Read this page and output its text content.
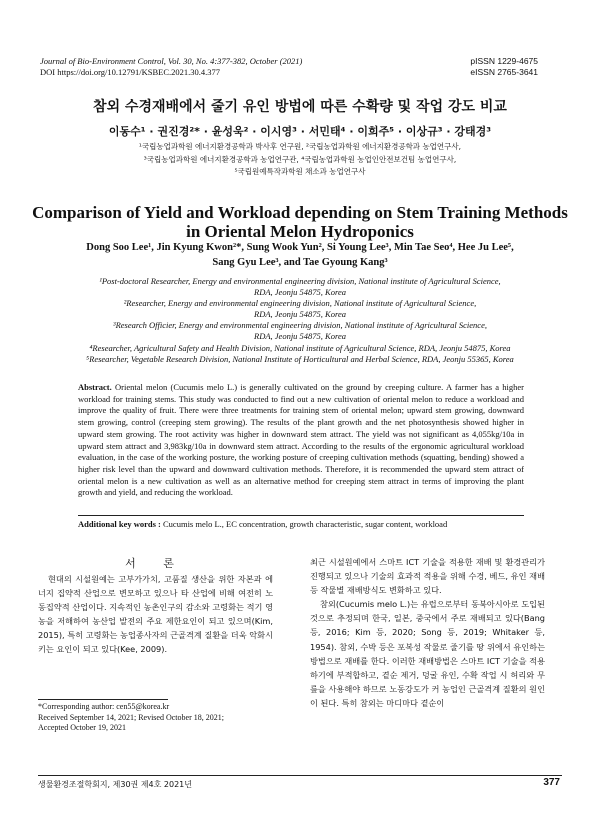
Journal of Bio-Environment Control, Vol. 30, No. 4:377-382, October (2021)
DOI https://doi.org/10.12791/KSBEC.2021.30.4.377
pISSN 1229-4675
eISSN 2765-3641
참외 수경재배에서 줄기 유인 방법에 따른 수확량 및 작업 강도 비교
이동수¹ · 권진경²* · 윤성욱² · 이시영³ · 서민태⁴ · 이희주⁵ · 이상규³ · 강태경³
¹국립농업과학원 에너지환경공학과 박사후 연구원, ²국립농업과학원 에너지환경공학과 농업연구사,
³국립농업과학원 에너지환경공학과 농업연구관, ⁴국립농업과학원 농업인안전보건팀 농업연구사,
⁵국립원예특작과학원 채소과 농업연구사
Comparison of Yield and Workload depending on Stem Training Methods
in Oriental Melon Hydroponics
Dong Soo Lee¹, Jin Kyung Kwon²*, Sung Wook Yun², Si Young Lee³, Min Tae Seo⁴, Hee Ju Lee⁵,
Sang Gyu Lee³, and Tae Gyoung Kang³
¹Post-doctoral Researcher, Energy and environmental engineering division, National institute of Agricultural Science,
RDA, Jeonju 54875, Korea
²Researcher, Energy and environmental engineering division, National institute of Agricultural Science,
RDA, Jeonju 54875, Korea
³Research Officier, Energy and environmental engineering division, National institute of Agricultural Science,
RDA, Jeonju 54875, Korea
⁴Researcher, Agricultural Safety and Health Division, National institute of Agricultural Science, RDA, Jeonju 54875, Korea
⁵Researcher, Vegetable Research Division, National Institute of Horticultural and Herbal Science, RDA, Jeonju 55365, Korea
Abstract. Oriental melon (Cucumis melo L.) is generally cultivated on the ground by creeping culture. A farmer has a higher workload for training stems. This study was conducted to find out a new cultivation of oriental melon to reduce a workload and improve the quality of fruit. There were three treatments for training stem of oriental melon; upward stem growing, downward stem growing, control (creeping stem growing). The results of the plant growth and the net photosynthesis showed higher in upward stem growing. The root activity was higher in downward stem attract. The yield was not significant as 4,055kg/10a in upward stem attract and 3,983kg/10a in downward stem attract. According to the results of the ergonomic agricultural workload evaluation, in the case of the working posture, the working posture of creeping cultivation methods (squatting, bending) showed a higher risk level than the upward and downward cultivation methods. Therefore, it is recommended the upward stem attract of oriental melon is a new cultivation as well as an alternative method for creeping stem attract in terms of improving the plant growth and yield, and reducing the workload.
Additional key words : Cucumis melo L., EC concentration, growth characteristic, sugar content, workload
서 론
현대의 시설원예는 고부가가치, 고품질 생산을 위한 자본과 에너지 집약적 산업으로 변모하고 있으나 타 산업에 비해 여전히 노동집약적 산업이다. 지속적인 농촌인구의 감소와 고령화는 적기 영농을 저해하여 농산업 발전의 주요 제한요인이 되고 있으며(Kim, 2015), 특히 고령화는 농업종사자의 근골격계 질환을 더욱 악화시키는 요인이 되고 있다(Kee, 2009).
최근 시설원예에서 스마트 ICT 기술을 적용한 재배 및 환경관리가 진행되고 있으나 기술의 효과적 적용을 위해 수경, 베드, 유인 재배 등 작물별 재배방식도 변화하고 있다.
참외(Cucumis melo L.)는 유럽으로부터 동북아시아로 도입된 것으로 추정되며 한국, 일본, 중국에서 주로 재배되고 있다(Bang 등, 2016; Kim 등, 2020; Song 등, 2019; Whitaker 등, 1954). 참외, 수박 등은 포복성 작물로 줄기를 땅 위에서 유인하는 방법으로 재배를 한다. 이러한 재배방법은 스마트 ICT 기술을 적용하기에 부적합하고, 곁순 제거, 덩굴 유인, 수확 작업 시 허리와 무릎을 사용해야 하므로 노동강도가 커 농업인 근골격계 질환의 원인이 된다. 특히 참외는 마디마다 곁순이
*Corresponding author: cen55@korea.kr
Received September 14, 2021; Revised October 18, 2021;
Accepted October 19, 2021
생물환경조절학회지, 제30권 제4호 2021년	377
